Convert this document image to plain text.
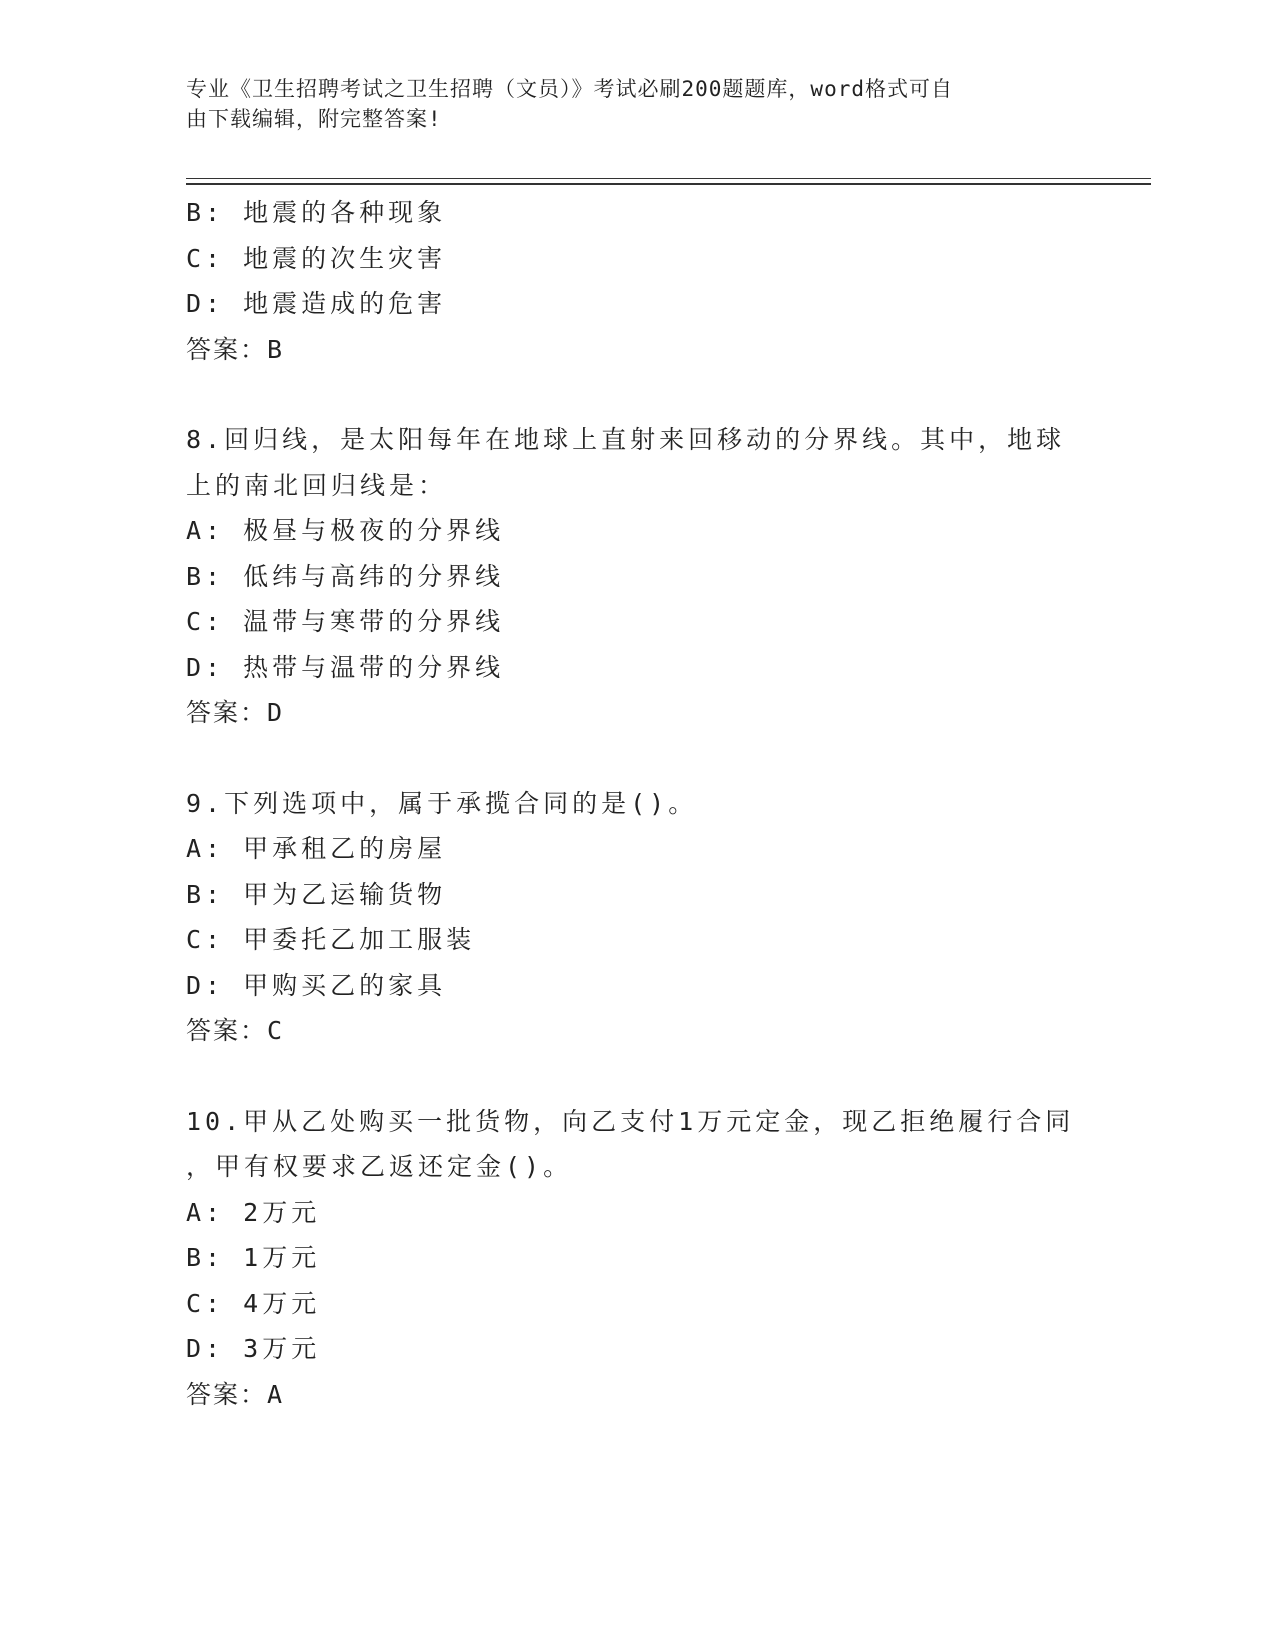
专业《卫生招聘考试之卫生招聘（文员）》考试必刷200题题库，word格式可自
由下载编辑，附完整答案!
B: 地震的各种现象
C: 地震的次生灾害
D: 地震造成的危害
答案：B
8.回归线，是太阳每年在地球上直射来回移动的分界线。其中，地球
上的南北回归线是：
A: 极昼与极夜的分界线
B: 低纬与高纬的分界线
C: 温带与寒带的分界线
D: 热带与温带的分界线
答案：D
9.下列选项中，属于承揽合同的是()。
A: 甲承租乙的房屋
B: 甲为乙运输货物
C: 甲委托乙加工服装
D: 甲购买乙的家具
答案：C
10.甲从乙处购买一批货物，向乙支付1万元定金，现乙拒绝履行合同
，甲有权要求乙返还定金()。
A: 2万元
B: 1万元
C: 4万元
D: 3万元
答案：A
